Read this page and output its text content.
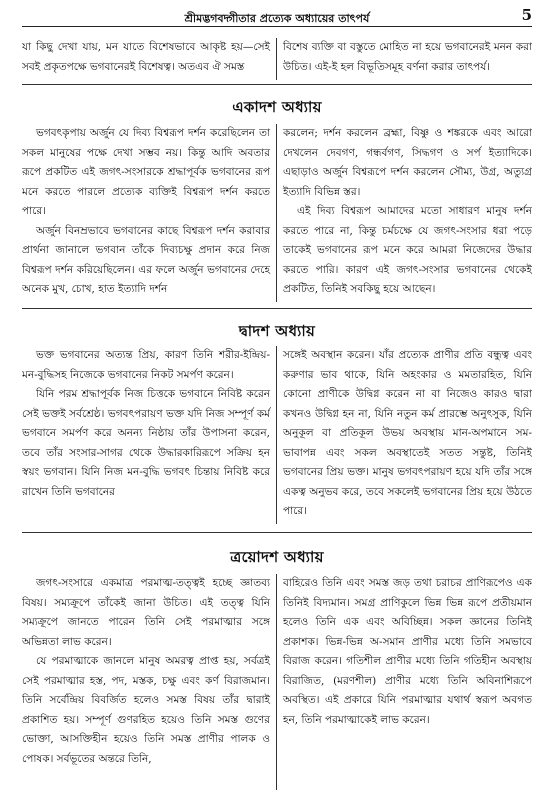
শ্রীমদ্ভগবদ্গীতার প্রত্যেক অধ্যায়ের তাৎপর্য	5

যা কিছু দেখা যায়, মন যাতে বিশেষভাবে আকৃষ্ট হয়—সেই সবই প্রকৃতপক্ষে ভগবানেরই বিশেষত্ব। অতএব ঐ সমস্ত

বিশেষ ব্যক্তি বা বস্তুতে মোহিত না হয়ে ভগবানেরই মনন করা উচিত। এই-ই হল বিভূতিসমূহ বর্ণনা করার তাৎপর্য।

একাদশ অধ্যায়

ভগবৎকৃপায় অর্জুন যে দিব্য বিশ্বরূপ দর্শন করেছিলেন তা সকল মানুষের পক্ষে দেখা সম্ভব নয়। কিন্তু আদি অবতার রূপে প্রকটিত এই জগৎ-সংসারকে শ্রদ্ধাপূর্বক ভগবানের রূপ মনে করতে পারলে প্রত্যেক ব্যক্তিই বিশ্বরূপ দর্শন করতে পারে।

অর্জুন বিনম্রভাবে ভগবানের কাছে বিশ্বরূপ দর্শন করাবার প্রার্থনা জানালে ভগবান তাঁকে দিব্যচক্ষু প্রদান করে নিজ বিশ্বরূপ দর্শন করিয়েছিলেন। এর ফলে অর্জুন ভগবানের দেহে অনেক মুখ, চোখ, হাত ইত্যাদি দর্শন

করলেন; দর্শন করলেন ব্রহ্মা, বিষ্ণু ও শঙ্করকে এবং আরো দেখলেন দেবগণ, গন্ধর্বগণ, সিদ্ধগণ ও সর্প ইত্যাদিকে। এছাড়াও অর্জুন বিশ্বরূপে দর্শন করলেন সৌম্য, উগ্র, অত্যুগ্র ইত্যাদি বিভিন্ন স্তর।

এই দিব্য বিশ্বরূপ আমাদের মতো সাধারণ মানুষ দর্শন করতে পারে না, কিন্তু চর্মচক্ষে যে জগৎ-সংসার ধরা পড়ে তাকেই ভগবানের রূপ মনে করে আমরা নিজেদের উদ্ধার করতে পারি। কারণ এই জগৎ-সংসার ভগবানের থেকেই প্রকটিত, তিনিই সবকিছু হয়ে আছেন।

দ্বাদশ অধ্যায়

ভক্ত ভগবানের অত্যন্ত প্রিয়, কারণ তিনি শরীর-ইন্দ্রিয়-মন-বুদ্ধিসহ নিজেকে ভগবানের নিকট সমর্পণ করেন।

যিনি পরম শ্রদ্ধাপূর্বক নিজ চিত্তকে ভগবানে নিবিষ্ট করেন সেই ভক্তই সর্বশ্রেষ্ঠ। ভগবৎপরায়ণ ভক্ত যদি নিজ সম্পূর্ণ কর্ম ভগবানে সমর্পণ করে অনন্য নিষ্ঠায় তাঁর উপাসনা করেন, তবে তাঁর সংসার-সাগর থেকে উদ্ধারকারিরূপে সক্রিয় হন স্বয়ং ভগবান। যিনি নিজ মন-বুদ্ধি ভগবৎ চিন্তায় নিবিষ্ট করে রাখেন তিনি ভগবানের

সঙ্গেই অবস্থান করেন। যাঁর প্রত্যেক প্রাণীর প্রতি বন্ধুত্ব এবং করুণার ভাব থাকে, যিনি অহংকার ও মমতারহিত, যিনি কোনো প্রাণীকে উদ্বিগ্ন করেন না বা নিজেও কারও দ্বারা কখনও উদ্বিগ্ন হন না, যিনি নতুন কর্ম প্রারম্ভে অনুৎসুক, যিনি অনুকূল বা প্রতিকূল উভয় অবস্থায় মান-অপমানে সম-ভাবাপন্ন এবং সকল অবস্থাতেই সতত সন্তুষ্ট, তিনিই ভগবানের প্রিয় ভক্ত। মানুষ ভগবৎপরায়ণ হয়ে যদি তাঁর সঙ্গে একত্ব অনুভব করে, তবে সকলেই ভগবানের প্রিয় হয়ে উঠতে পারে।

ত্রয়োদশ অধ্যায়

জগৎ-সংসারে একমাত্র পরমাত্ম-তত্ত্বই হচ্ছে জ্ঞাতব্য বিষয়। সম্যক্রূপে তাঁকেই জানা উচিত। এই তত্ত্ব যিনি সম্যক্রূপে জানতে পারেন তিনি সেই পরমাত্মার সঙ্গে অভিন্নতা লাভ করেন।

যে পরমাত্মাকে জানলে মানুষ অমরত্ব প্রাপ্ত হয়, সর্বত্রই সেই পরমাত্মার হস্ত, পদ, মস্তক, চক্ষু এবং কর্ণ বিরাজমান। তিনি সর্বেন্দ্রিয় বিবর্জিত হলেও সমস্ত বিষয় তাঁর দ্বারাই প্রকাশিত হয়। সম্পূর্ণ গুণরহিত হয়েও তিনি সমস্ত গুণের ভোক্তা, আসক্তিহীন হয়েও তিনি সমস্ত প্রাণীর পালক ও পোষক। সর্বভূতের অন্তরে তিনি,

বাহিরেও তিনি এবং সমস্ত জড় তথা চরাচর প্রাণিরূপেও এক তিনিই বিদ্যমান। সমগ্র প্রাণিকুলে ভিন্ন ভিন্ন রূপে প্রতীয়মান হলেও তিনি এক এবং অবিচ্ছিন্ন। সকল জ্ঞানের তিনিই প্রকাশক। ভিন্ন-ভিন্ন অ-সমান প্রাণীর মধ্যে তিনি সমভাবে বিরাজ করেন। গতিশীল প্রাণীর মধ্যে তিনি গতিহীন অবস্থায় বিরাজিত, (মরণশীল) প্রাণীর মধ্যে তিনি অবিনাশিরূপে অবস্থিত। এই প্রকারে যিনি পরমাত্মার যথার্থ স্বরূপ অবগত হন, তিনি পরমাত্মাকেই লাভ করেন।
